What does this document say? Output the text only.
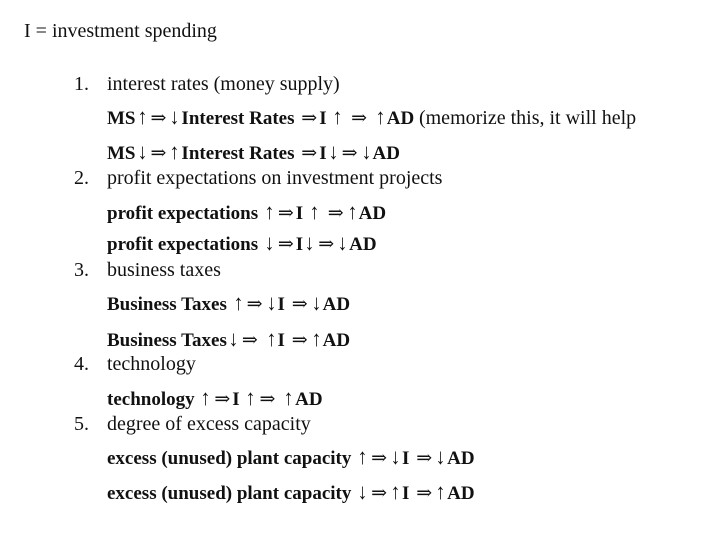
I = investment spending
1. interest rates (money supply)
MS↑ ⇒ ↓Interest Rates ⇒ I ↑ ⇒ ↑AD (memorize this, it will help
MS↓ ⇒ ↑Interest Rates ⇒ I↓ ⇒ ↓AD
2. profit expectations on investment projects
profit expectations ↑ ⇒ I ↑ ⇒ ↑AD
profit expectations ↓ ⇒ I↓ ⇒ ↓AD
3. business taxes
Business Taxes ↑ ⇒ ↓I ⇒ ↓AD
Business Taxes↓ ⇒ ↑I ⇒ ↑AD
4. technology
technology ↑ ⇒ I ↑ ⇒ ↑AD
5. degree of excess capacity
excess (unused) plant capacity ↑ ⇒ ↓I ⇒ ↓AD
excess (unused) plant capacity ↓ ⇒ ↑I ⇒ ↑AD
